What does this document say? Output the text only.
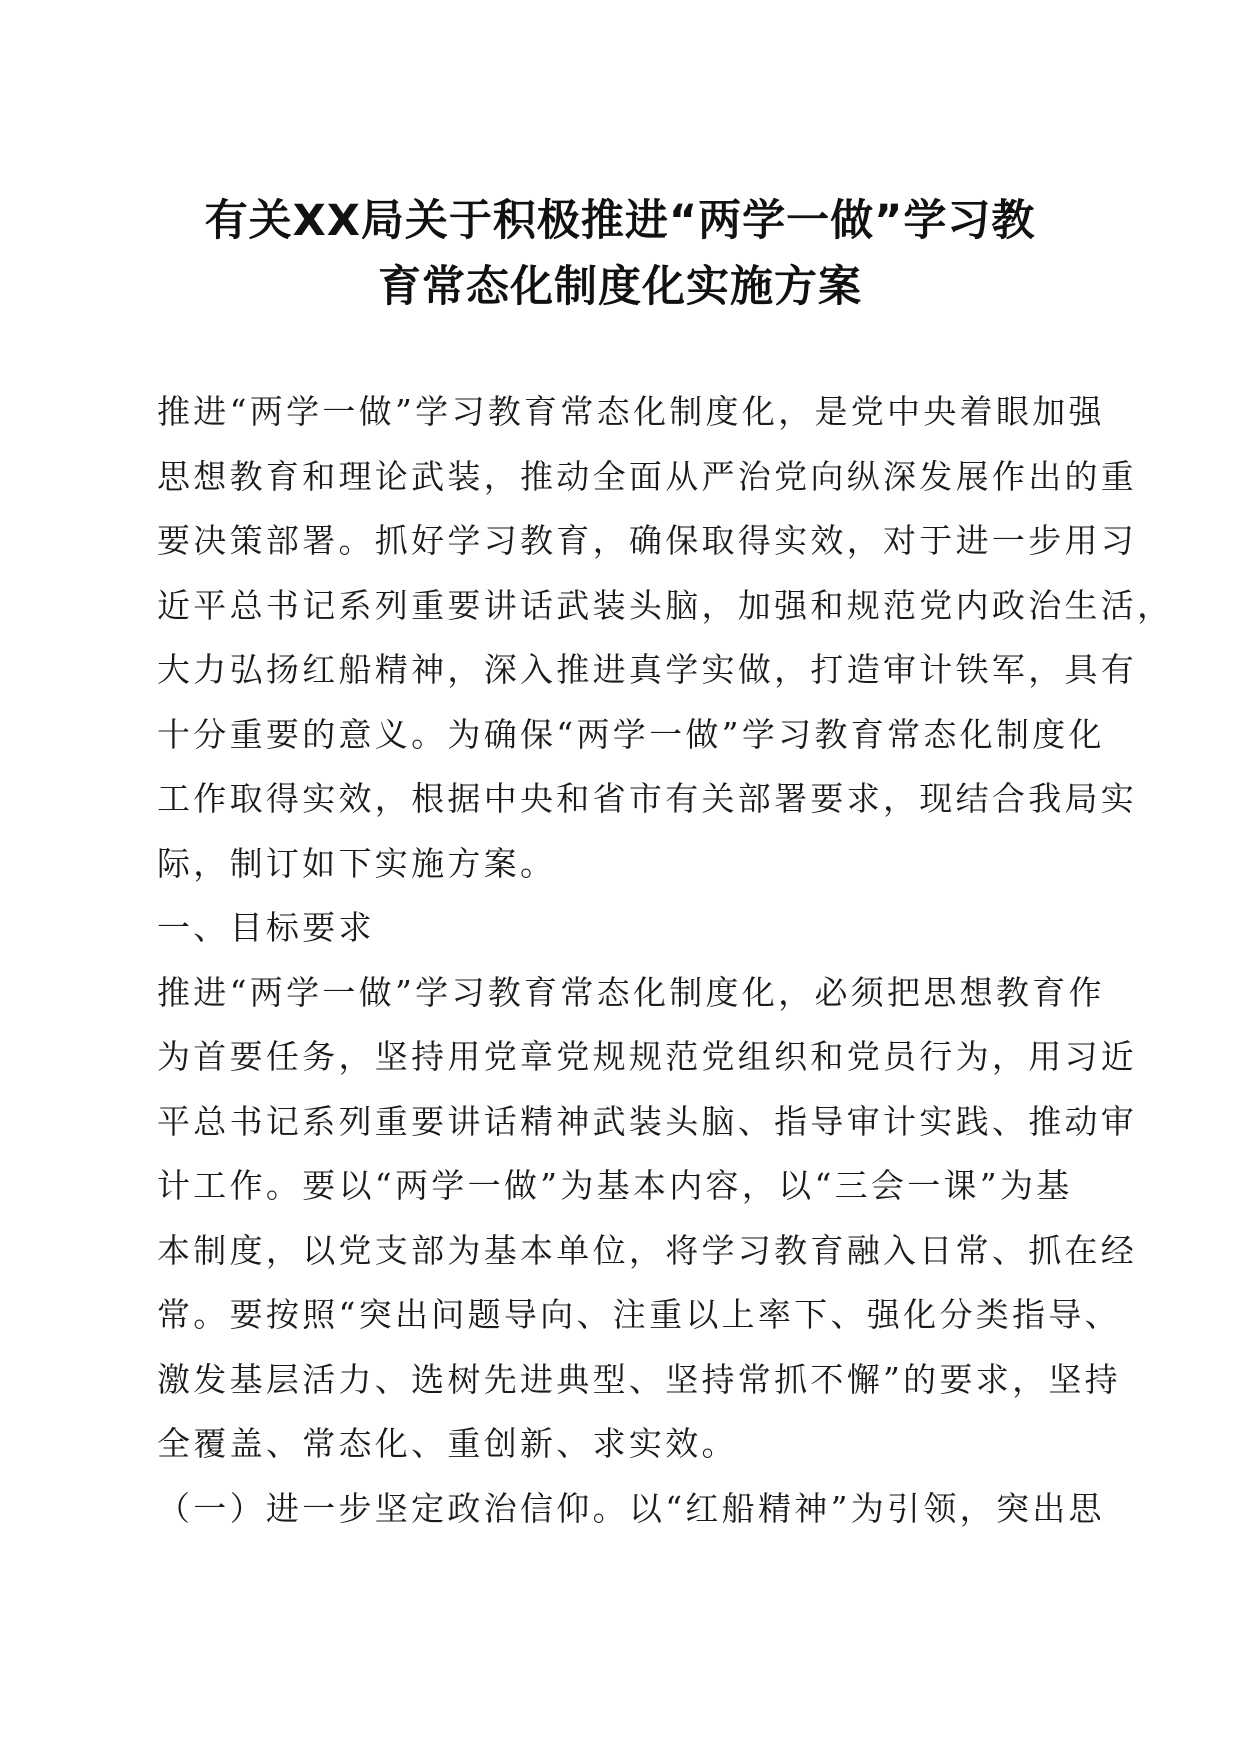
有关XX局关于积极推进“两学一做”学习教
育常态化制度化实施方案
推进“两学一做”学习教育常态化制度化，是党中央着眼加强
思想教育和理论武装，推动全面从严治党向纵深发展作出的重
要决策部署。抓好学习教育，确保取得实效，对于进一步用习
近平总书记系列重要讲话武装头脑，加强和规范党内政治生活，
大力弘扬红船精神，深入推进真学实做，打造审计铁军，具有
十分重要的意义。为确保“两学一做”学习教育常态化制度化
工作取得实效，根据中央和省市有关部署要求，现结合我局实
际，制订如下实施方案。
一、目标要求
推进“两学一做”学习教育常态化制度化，必须把思想教育作
为首要任务，坚持用党章党规规范党组织和党员行为，用习近
平总书记系列重要讲话精神武装头脑、指导审计实践、推动审
计工作。要以“两学一做”为基本内容，以“三会一课”为基
本制度，以党支部为基本单位，将学习教育融入日常、抓在经
常。要按照“突出问题导向、注重以上率下、强化分类指导、
激发基层活力、选树先进典型、坚持常抓不懈”的要求，坚持
全覆盖、常态化、重创新、求实效。
（一）进一步坚定政治信仰。以“红船精神”为引领，突出思
